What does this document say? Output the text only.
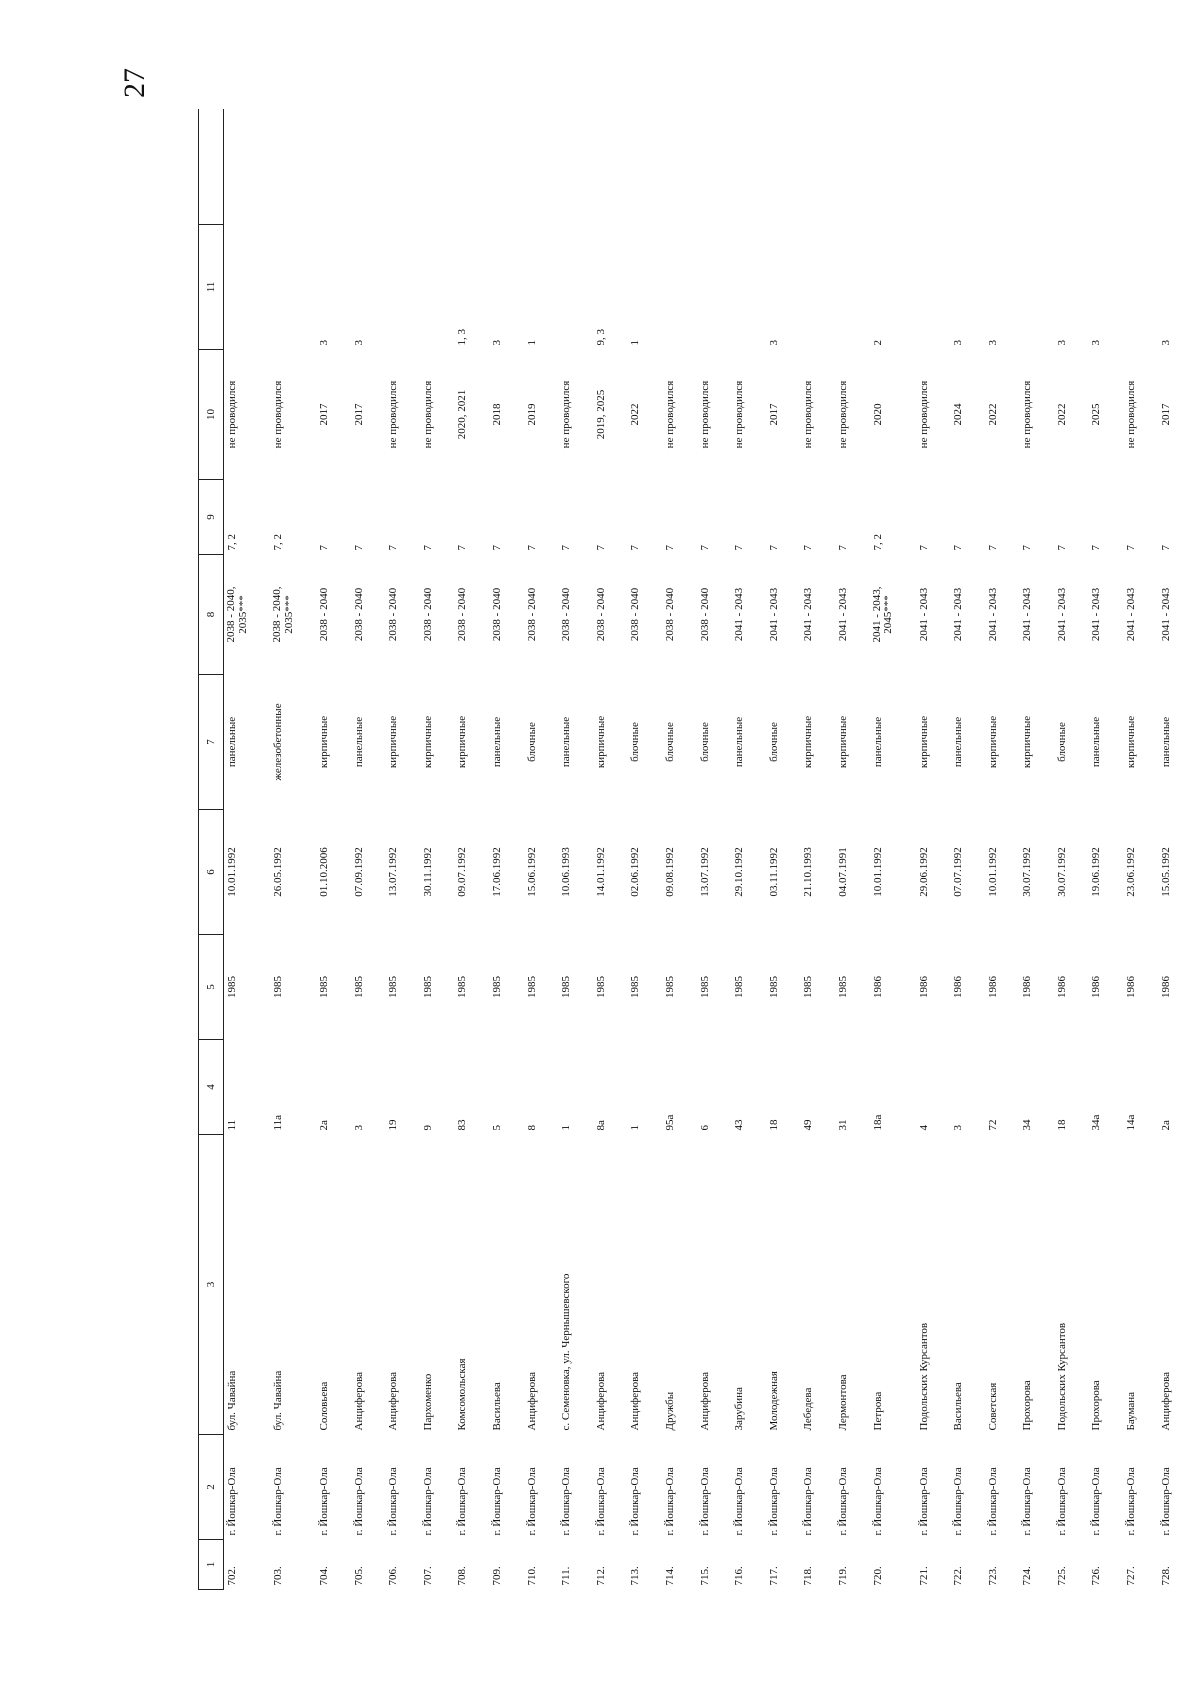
27
1	2	3	4	5	6	7	8	9	10	11	
702.	г. Йошкар-Ола	бул. Чавайна	11	1985	10.01.1992	панельные	2038 - 2040,
2035***	7, 2	не проводился		
703.	г. Йошкар-Ола	бул. Чавайна	11а	1985	26.05.1992	железобетонные	2038 - 2040,
2035***	7, 2	не проводился		
704.	г. Йошкар-Ола	Соловьева	2а	1985	01.10.2006	кирпичные	2038 - 2040	7	2017	3	
705.	г. Йошкар-Ола	Анциферова	3	1985	07.09.1992	панельные	2038 - 2040	7	2017	3	
706.	г. Йошкар-Ола	Анциферова	19	1985	13.07.1992	кирпичные	2038 - 2040	7	не проводился		
707.	г. Йошкар-Ола	Пархоменко	9	1985	30.11.1992	кирпичные	2038 - 2040	7	не проводился		
708.	г. Йошкар-Ола	Комсомольская	83	1985	09.07.1992	кирпичные	2038 - 2040	7	2020, 2021	1, 3	
709.	г. Йошкар-Ола	Васильева	5	1985	17.06.1992	панельные	2038 - 2040	7	2018	3	
710.	г. Йошкар-Ола	Анциферова	8	1985	15.06.1992	блочные	2038 - 2040	7	2019	1	
711.	г. Йошкар-Ола	с. Семеновка, ул. Чернышевского	1	1985	10.06.1993	панельные	2038 - 2040	7	не проводился		
712.	г. Йошкар-Ола	Анциферова	8а	1985	14.01.1992	кирпичные	2038 - 2040	7	2019, 2025	9, 3	
713.	г. Йошкар-Ола	Анциферова	1	1985	02.06.1992	блочные	2038 - 2040	7	2022	1	
714.	г. Йошкар-Ола	Дружбы	95а	1985	09.08.1992	блочные	2038 - 2040	7	не проводился		
715.	г. Йошкар-Ола	Анциферова	6	1985	13.07.1992	блочные	2038 - 2040	7	не проводился		
716.	г. Йошкар-Ола	Зарубина	43	1985	29.10.1992	панельные	2041 - 2043	7	не проводился		
717.	г. Йошкар-Ола	Молодежная	18	1985	03.11.1992	блочные	2041 - 2043	7	2017	3	
718.	г. Йошкар-Ола	Лебедева	49	1985	21.10.1993	кирпичные	2041 - 2043	7	не проводился		
719.	г. Йошкар-Ола	Лермонтова	31	1985	04.07.1991	кирпичные	2041 - 2043	7	не проводился		
720.	г. Йошкар-Ола	Петрова	18а	1986	10.01.1992	панельные	2041 - 2043,
2045***	7, 2	2020	2	
721.	г. Йошкар-Ола	Подольских Курсантов	4	1986	29.06.1992	кирпичные	2041 - 2043	7	не проводился		
722.	г. Йошкар-Ола	Васильева	3	1986	07.07.1992	панельные	2041 - 2043	7	2024	3	
723.	г. Йошкар-Ола	Советская	72	1986	10.01.1992	кирпичные	2041 - 2043	7	2022	3	
724.	г. Йошкар-Ола	Прохорова	34	1986	30.07.1992	кирпичные	2041 - 2043	7	не проводился		
725.	г. Йошкар-Ола	Подольских Курсантов	18	1986	30.07.1992	блочные	2041 - 2043	7	2022	3	
726.	г. Йошкар-Ола	Прохорова	34а	1986	19.06.1992	панельные	2041 - 2043	7	2025	3	
727.	г. Йошкар-Ола	Баумана	14а	1986	23.06.1992	кирпичные	2041 - 2043	7	не проводился		
728.	г. Йошкар-Ола	Анциферова	2а	1986	15.05.1992	панельные	2041 - 2043	7	2017	3	
